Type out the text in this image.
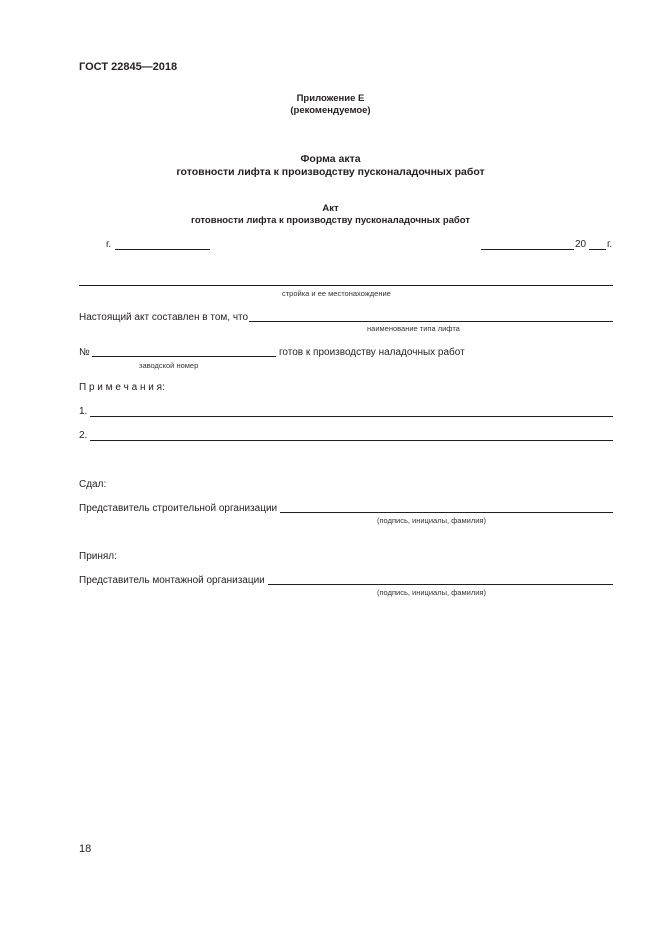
ГОСТ 22845—2018
Приложение Е
(рекомендуемое)
Форма акта
готовности лифта к производству пусконаладочных работ
Акт
готовности лифта к производству пусконаладочных работ
г.	20 г.
стройка и ее местонахождение
Настоящий акт составлен в том, что
наименование типа лифта
№	готов к производству наладочных работ
заводской номер
П р и м е ч а н и я:
1.
2.
Сдал:
Представитель строительной организации
(подпись, инициалы, фамилия)
Принял:
Представитель монтажной организации
(подпись, инициалы, фамилия)
18
